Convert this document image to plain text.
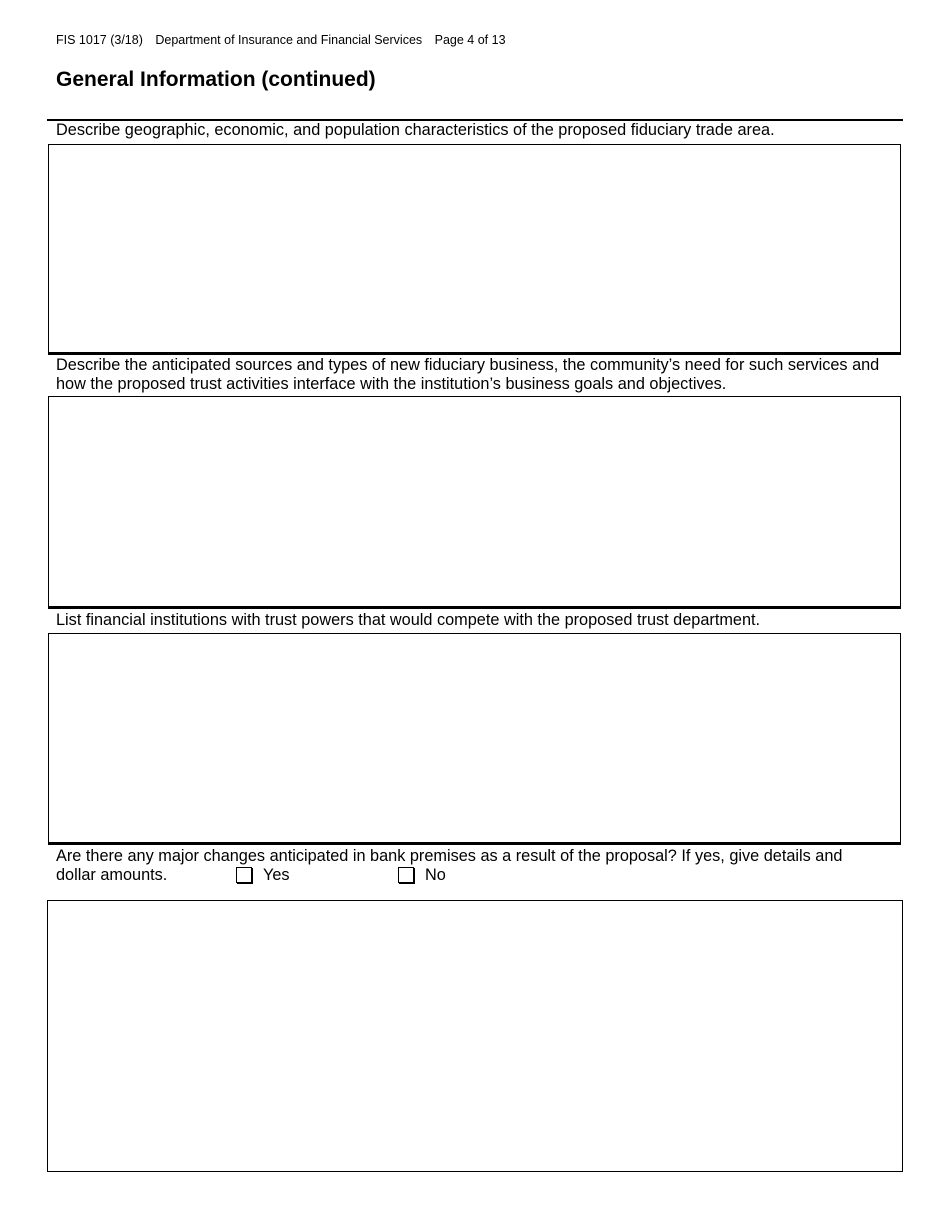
FIS 1017 (3/18) Department of Insurance and Financial Services Page 4 of 13
General Information (continued)

Describe geographic, economic, and population characteristics of the proposed fiduciary trade area.

Describe the anticipated sources and types of new fiduciary business, the community’s need for such services and how the proposed trust activities interface with the institution’s business goals and objectives.

List financial institutions with trust powers that would compete with the proposed trust department.

Are there any major changes anticipated in bank premises as a result of the proposal? If yes, give details and
dollar amounts.	Yes	No
